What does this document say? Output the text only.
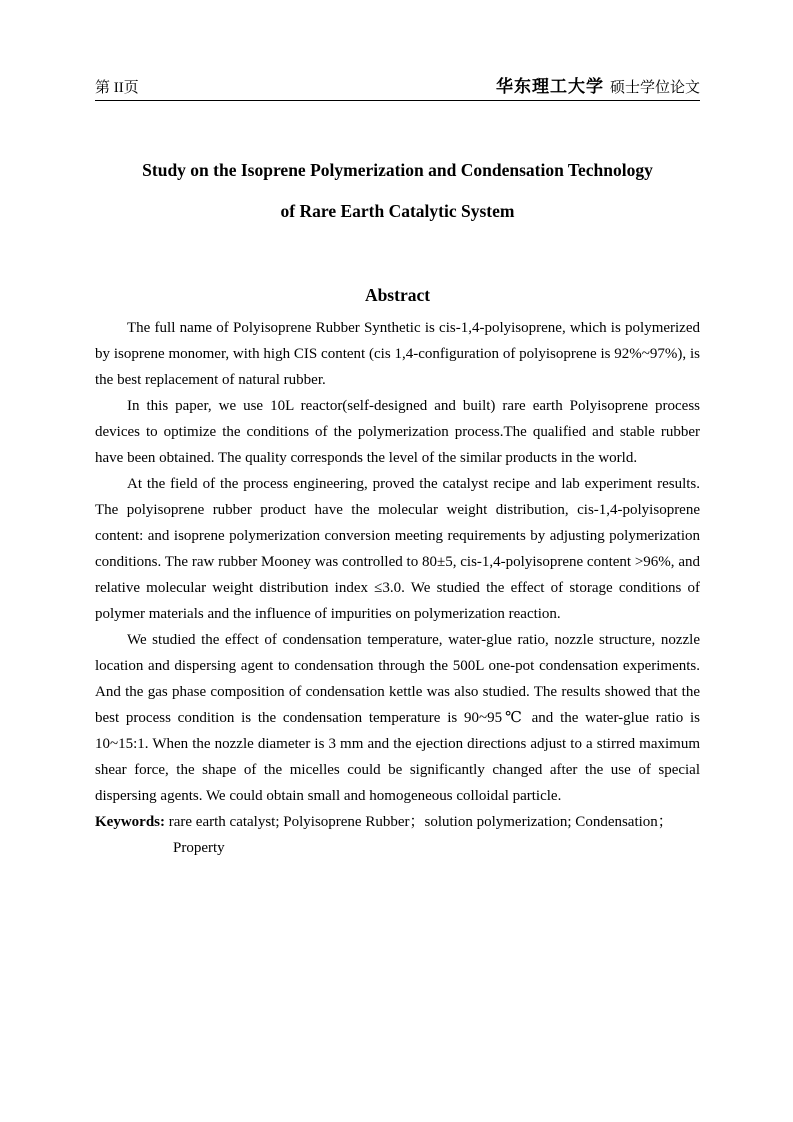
第 II页	华东理工大学 硕士学位论文
Study on the Isoprene Polymerization and Condensation Technology
of Rare Earth Catalytic System
Abstract

The full name of Polyisoprene Rubber Synthetic is cis-1,4-polyisoprene, which is polymerized by isoprene monomer, with high CIS content (cis 1,4-configuration of polyisoprene is 92%~97%), is the best replacement of natural rubber.

In this paper, we use 10L reactor(self-designed and built) rare earth Polyisoprene process devices to optimize the conditions of the polymerization process.The qualified and stable rubber have been obtained. The quality corresponds the level of the similar products in the world.

At the field of the process engineering, proved the catalyst recipe and lab experiment results. The polyisoprene rubber product have the molecular weight distribution, cis-1,4-polyisoprene content: and isoprene polymerization conversion meeting requirements by adjusting polymerization conditions. The raw rubber Mooney was controlled to 80±5, cis-1,4-polyisoprene content >96%, and relative molecular weight distribution index ≤3.0. We studied the effect of storage conditions of polymer materials and the influence of impurities on polymerization reaction.

We studied the effect of condensation temperature, water-glue ratio, nozzle structure, nozzle location and dispersing agent to condensation through the 500L one-pot condensation experiments. And the gas phase composition of condensation kettle was also studied. The results showed that the best process condition is the condensation temperature is 90~95℃ and the water-glue ratio is 10~15:1. When the nozzle diameter is 3 mm and the ejection directions adjust to a stirred maximum shear force, the shape of the micelles could be significantly changed after the use of special dispersing agents. We could obtain small and homogeneous colloidal particle.

Keywords: rare earth catalyst; Polyisoprene Rubber；solution polymerization; Condensation；Property
